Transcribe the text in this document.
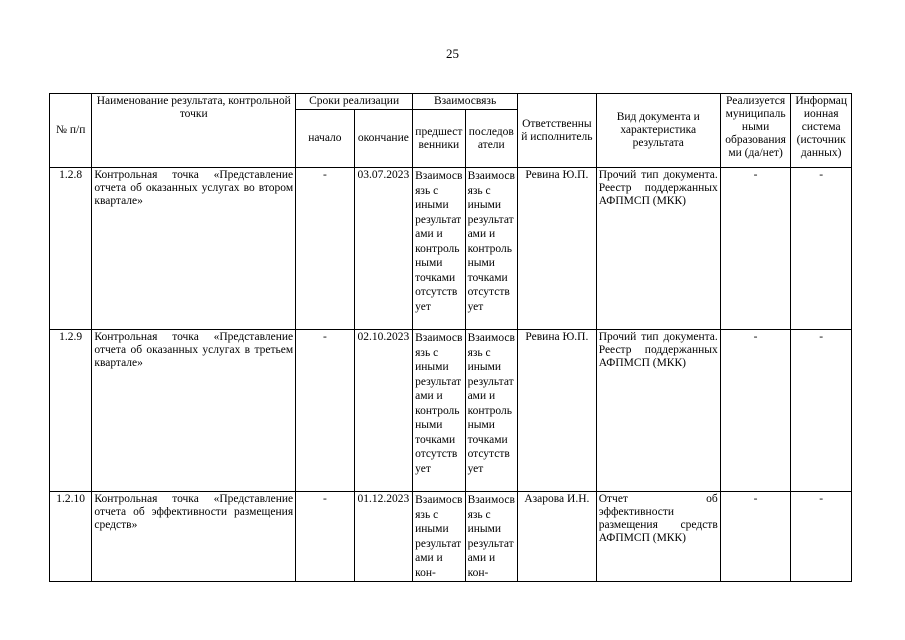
25
№ п/п	Наименование результата, контрольной точки	Сроки реализации		Взаимосвязь		Ответственный исполнитель	Вид документа и характеристика результата	Реализуется муниципальными образованиями (да/нет)	Информационная система (источник данных)
		начало	окончание	предшественники	последователи				
1.2.8	Контрольная точка «Представление отчета об оказанных услугах во втором квартале»	-	03.07.2023	Взаимосвязь с иными результатами и контрольными точками отсутствует	Взаимосвязь с иными результатами и контрольными точками отсутствует	Ревина Ю.П.	Прочий тип документа. Реестр поддержанных АФПМСП (МКК)	-	-
1.2.9	Контрольная точка «Представление отчета об оказанных услугах в третьем квартале»	-	02.10.2023	Взаимосвязь с иными результатами и контрольными точками отсутствует	Взаимосвязь с иными результатами и контрольными точками отсутствует	Ревина Ю.П.	Прочий тип документа. Реестр поддержанных АФПМСП (МКК)	-	-
1.2.10	Контрольная точка «Представление отчета об эффективности размещения средств»	-	01.12.2023	Взаимосвязь с иными результатами и кон-	Взаимосвязь с иными результатами и кон-	Азарова И.Н.	Отчет об эффективности размещения средств АФПМСП (МКК)	-	-
